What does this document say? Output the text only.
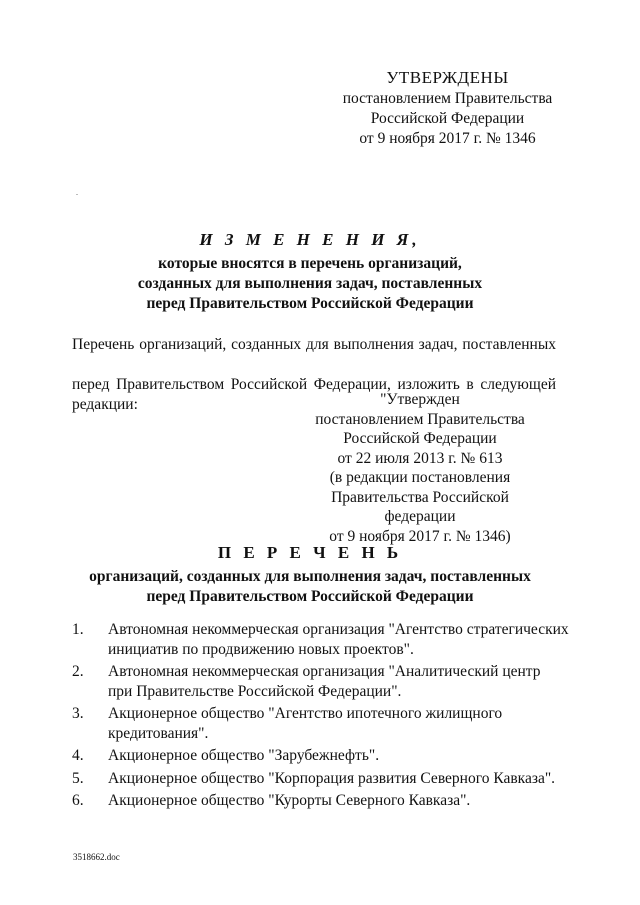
УТВЕРЖДЕНЫ
постановлением Правительства
Российской Федерации
от 9 ноября 2017 г. № 1346
И З М Е Н Е Н И Я,
которые вносятся в перечень организаций,
созданных для выполнения задач, поставленных
перед Правительством Российской Федерации
Перечень организаций, созданных для выполнения задач, поставленных
перед Правительством Российской Федерации, изложить в следующей
редакции:	"Утвержден
постановлением Правительства
Российской Федерации
от 22 июля 2013 г. № 613
(в редакции постановления
Правительства Российской федерации
от 9 ноября 2017 г. № 1346)
П Е Р Е Ч Е Н Ь
организаций, созданных для выполнения задач, поставленных
перед Правительством Российской Федерации
1.	Автономная некоммерческая организация "Агентство стратегических
инициатив по продвижению новых проектов".
2.	Автономная некоммерческая организация "Аналитический центр
при Правительстве Российской Федерации".
3.	Акционерное общество "Агентство ипотечного жилищного
кредитования".
4.	Акционерное общество "Зарубежнефть".
5.	Акционерное общество "Корпорация развития Северного Кавказа".
6.	Акционерное общество "Курорты Северного Кавказа".
3518662.doc
